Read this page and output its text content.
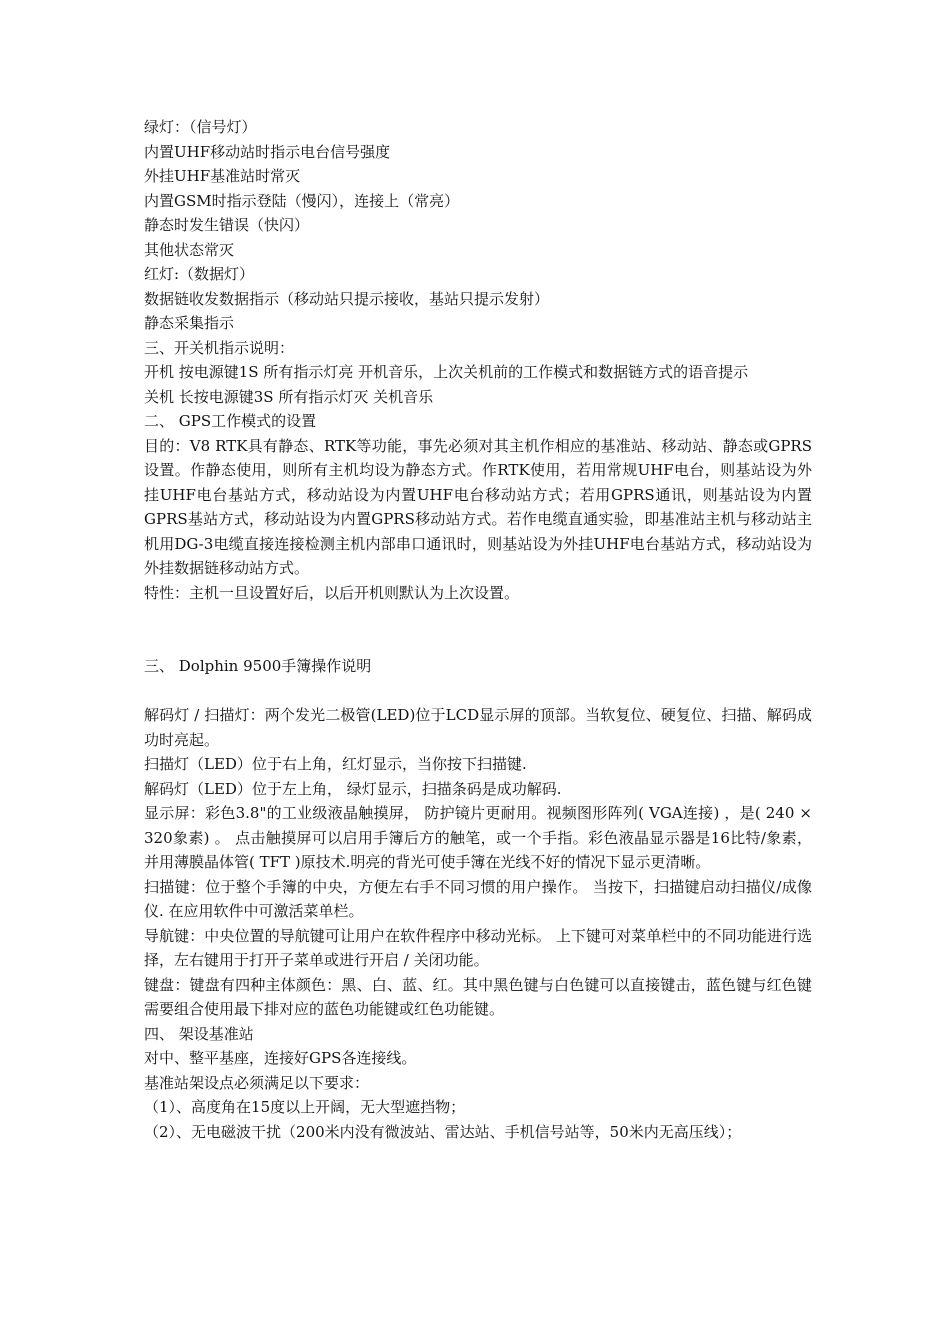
绿灯：（信号灯）
内置UHF移动站时指示电台信号强度
外挂UHF基准站时常灭
内置GSM时指示登陆（慢闪），连接上（常亮）
静态时发生错误（快闪）
其他状态常灭
红灯:（数据灯）
数据链收发数据指示（移动站只提示接收，基站只提示发射）
静态采集指示
三、开关机指示说明：
开机 按电源键1S 所有指示灯亮 开机音乐，上次关机前的工作模式和数据链方式的语音提示
关机 长按电源键3S 所有指示灯灭 关机音乐
二、 GPS工作模式的设置
目的：V8 RTK具有静态、RTK等功能，事先必须对其主机作相应的基准站、移动站、静态或GPRS设置。作静态使用，则所有主机均设为静态方式。作RTK使用，若用常规UHF电台，则基站设为外挂UHF电台基站方式，移动站设为内置UHF电台移动站方式；若用GPRS通讯，则基站设为内置GPRS基站方式，移动站设为内置GPRS移动站方式。若作电缆直通实验，即基准站主机与移动站主机用DG-3电缆直接连接检测主机内部串口通讯时，则基站设为外挂UHF电台基站方式，移动站设为外挂数据链移动站方式。
特性：主机一旦设置好后，以后开机则默认为上次设置。
三、 Dolphin 9500手簿操作说明
解码灯 / 扫描灯：两个发光二极管(LED)位于LCD显示屏的顶部。当软复位、硬复位、扫描、解码成功时亮起。
扫描灯（LED）位于右上角，红灯显示，当你按下扫描键.
解码灯（LED）位于左上角， 绿灯显示，扫描条码是成功解码.
显示屏：彩色3.8"的工业级液晶触摸屏， 防护镜片更耐用。视频图形阵列( VGA连接) ，是( 240 × 320象素) 。 点击触摸屏可以启用手簿后方的触笔，或一个手指。彩色液晶显示器是16比特/象素，并用薄膜晶体管( TFT )原技术.明亮的背光可使手簿在光线不好的情况下显示更清晰。
扫描键：位于整个手簿的中央，方便左右手不同习惯的用户操作。 当按下，扫描键启动扫描仪/成像仪. 在应用软件中可激活菜单栏。
导航键：中央位置的导航键可让用户在软件程序中移动光标。 上下键可对菜单栏中的不同功能进行选择，左右键用于打开子菜单或进行开启 / 关闭功能。
键盘：键盘有四种主体颜色：黑、白、蓝、红。其中黑色键与白色键可以直接键击，蓝色键与红色键需要组合使用最下排对应的蓝色功能键或红色功能键。
四、 架设基准站
对中、整平基座，连接好GPS各连接线。
基准站架设点必须满足以下要求：
（1）、高度角在15度以上开阔，无大型遮挡物；
（2）、无电磁波干扰（200米内没有微波站、雷达站、手机信号站等，50米内无高压线）；
